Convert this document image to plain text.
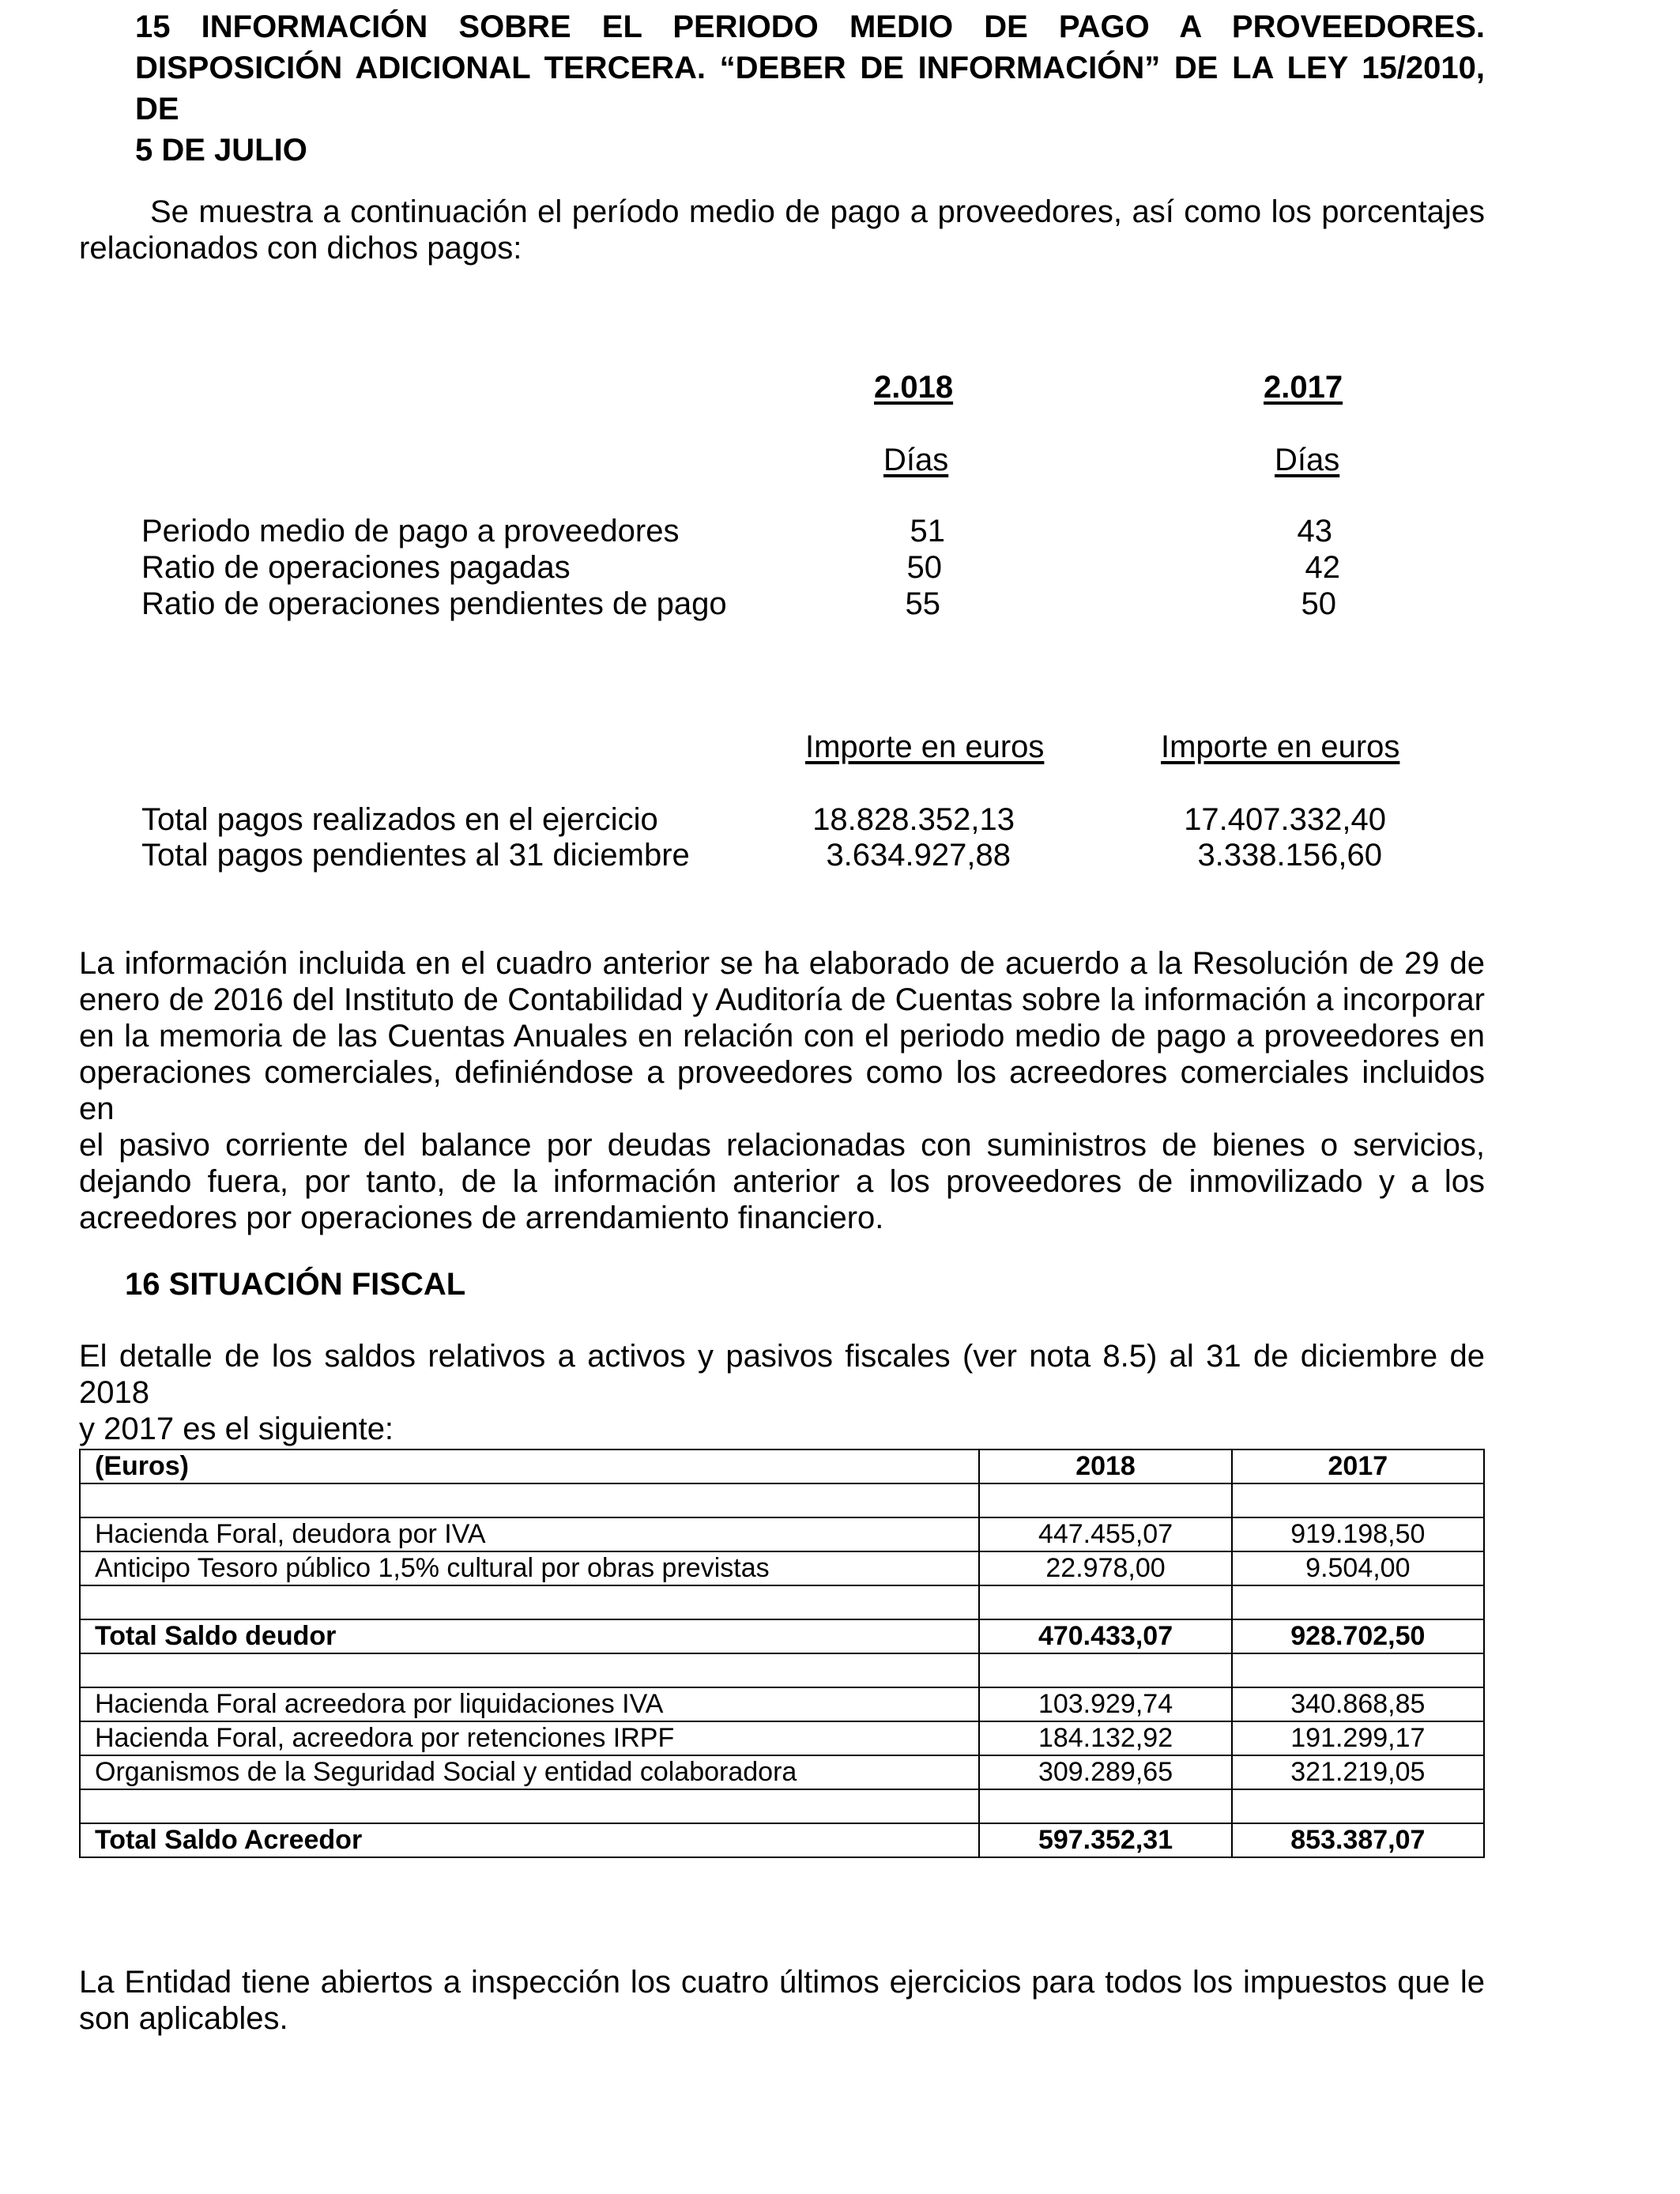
15 INFORMACIÓN SOBRE EL PERIODO MEDIO DE PAGO A PROVEEDORES.
DISPOSICIÓN ADICIONAL TERCERA. “DEBER DE INFORMACIÓN” DE LA LEY 15/2010, DE
5 DE JULIO
Se muestra a continuación el período medio de pago a proveedores, así como los porcentajes
relacionados con dichos pagos:
2.018	2.017
Días	Días
Periodo medio de pago a proveedores	51	43
Ratio de operaciones pagadas	50	42
Ratio de operaciones pendientes de pago	55	50
Importe en euros	Importe en euros
Total pagos realizados en el ejercicio	18.828.352,13	17.407.332,40
Total pagos pendientes al 31 diciembre	3.634.927,88	3.338.156,60
La información incluida en el cuadro anterior se ha elaborado de acuerdo a la Resolución de 29 de
enero de 2016 del Instituto de Contabilidad y Auditoría de Cuentas sobre la información a incorporar
en la memoria de las Cuentas Anuales en relación con el periodo medio de pago a proveedores en
operaciones comerciales, definiéndose a proveedores como los acreedores comerciales incluidos en
el pasivo corriente del balance por deudas relacionadas con suministros de bienes o servicios,
dejando fuera, por tanto, de la información anterior a los proveedores de inmovilizado y a los
acreedores por operaciones de arrendamiento financiero.
16 SITUACIÓN FISCAL
El detalle de los saldos relativos a activos y pasivos fiscales (ver nota 8.5) al 31 de diciembre de 2018
y 2017 es el siguiente:
(Euros)	2018	2017

Hacienda Foral, deudora por IVA	447.455,07	919.198,50
Anticipo Tesoro público 1,5% cultural por obras previstas	22.978,00	9.504,00

Total Saldo deudor	470.433,07	928.702,50

Hacienda Foral acreedora por liquidaciones IVA	103.929,74	340.868,85
Hacienda Foral, acreedora por retenciones IRPF	184.132,92	191.299,17
Organismos de la Seguridad Social y entidad colaboradora	309.289,65	321.219,05

Total Saldo Acreedor	597.352,31	853.387,07
La Entidad tiene abiertos a inspección los cuatro últimos ejercicios para todos los impuestos que le
son aplicables.
